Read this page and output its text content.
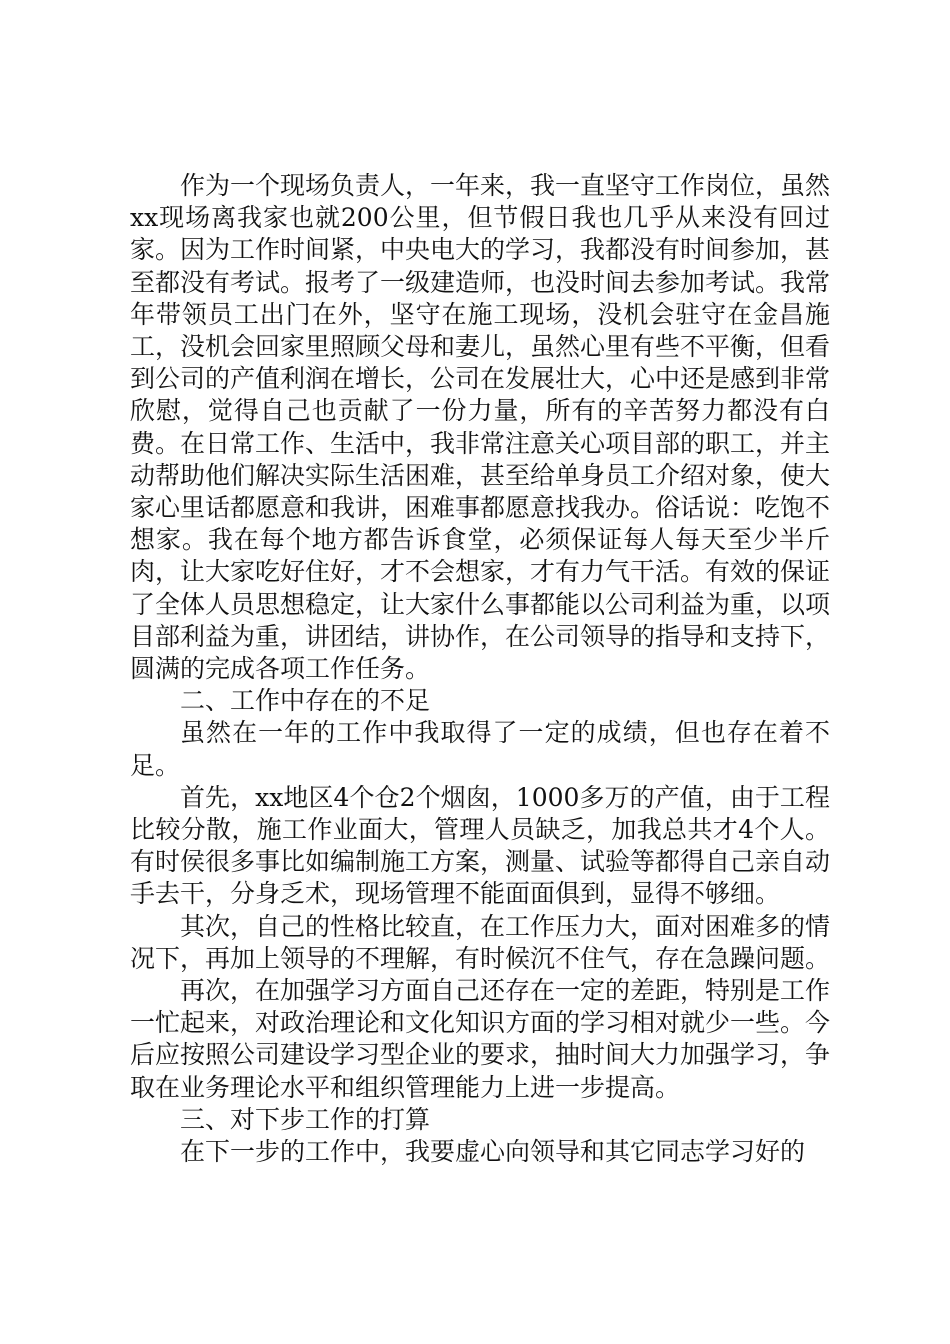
作为一个现场负责人，一年来，我一直坚守工作岗位，虽然xx现场离我家也就200公里，但节假日我也几乎从来没有回过家。因为工作时间紧，中央电大的学习，我都没有时间参加，甚至都没有考试。报考了一级建造师，也没时间去参加考试。我常年带领员工出门在外，坚守在施工现场，没机会驻守在金昌施工，没机会回家里照顾父母和妻儿，虽然心里有些不平衡，但看到公司的产值利润在增长，公司在发展壮大，心中还是感到非常欣慰，觉得自己也贡献了一份力量，所有的辛苦努力都没有白费。在日常工作、生活中，我非常注意关心项目部的职工，并主动帮助他们解决实际生活困难，甚至给单身员工介绍对象，使大家心里话都愿意和我讲，困难事都愿意找我办。俗话说：吃饱不想家。我在每个地方都告诉食堂，必须保证每人每天至少半斤肉，让大家吃好住好，才不会想家，才有力气干活。有效的保证了全体人员思想稳定，让大家什么事都能以公司利益为重，以项目部利益为重，讲团结，讲协作，在公司领导的指导和支持下，圆满的完成各项工作任务。

二、工作中存在的不足

虽然在一年的工作中我取得了一定的成绩，但也存在着不足。

首先，xx地区4个仓2个烟囱，1000多万的产值，由于工程比较分散，施工作业面大，管理人员缺乏，加我总共才4个人。有时侯很多事比如编制施工方案，测量、试验等都得自己亲自动手去干，分身乏术，现场管理不能面面俱到，显得不够细。

其次，自己的性格比较直，在工作压力大，面对困难多的情况下，再加上领导的不理解，有时候沉不住气，存在急躁问题。

再次，在加强学习方面自己还存在一定的差距，特别是工作一忙起来，对政治理论和文化知识方面的学习相对就少一些。今后应按照公司建设学习型企业的要求，抽时间大力加强学习，争取在业务理论水平和组织管理能力上进一步提高。

三、对下步工作的打算

在下一步的工作中，我要虚心向领导和其它同志学习好的
